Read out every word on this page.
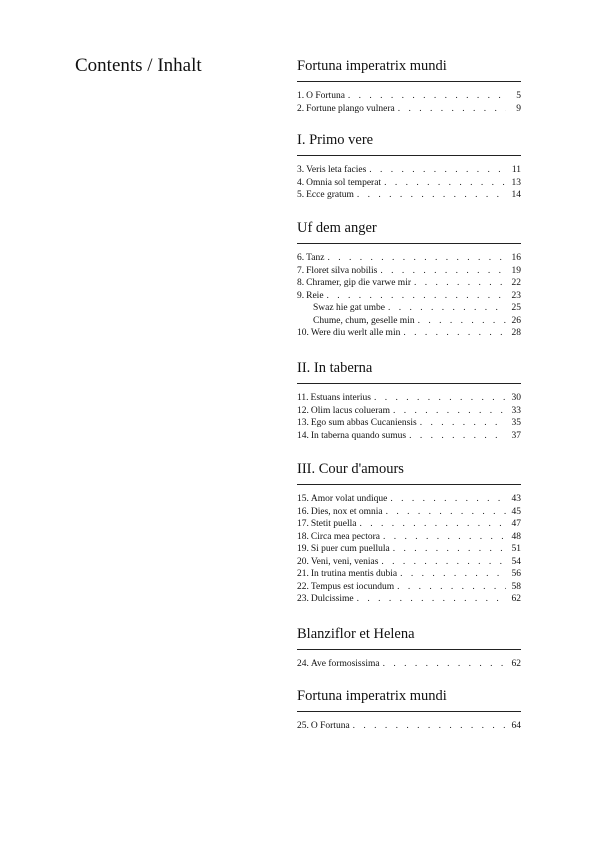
Contents / Inhalt	Fortuna imperatrix mundi
1. O Fortuna . . .	5
2. Fortune plango vulnera . . .	9
I. Primo vere
3. Veris leta facies . . .	11
4. Omnia sol temperat . . .	13
5. Ecce gratum . . .	14
Uf dem anger
6. Tanz . . .	16
7. Floret silva nobilis . . .	19
8. Chramer, gip die varwe mir . . .	22
9. Reie . . .	23
Swaz hie gat umbe . . .	25
Chume, chum, geselle min . . .	26
10. Were diu werlt alle min . . .	28
II. In taberna
11. Estuans interius . . .	30
12. Olim lacus colueram . . .	33
13. Ego sum abbas Cucaniensis . . .	35
14. In taberna quando sumus . . .	37
III. Cour d'amours
15. Amor volat undique . . .	43
16. Dies, nox et omnia . . .	45
17. Stetit puella . . .	47
18. Circa mea pectora . . .	48
19. Si puer cum puellula . . .	51
20. Veni, veni, venias . . .	54
21. In trutina mentis dubia . . .	56
22. Tempus est iocundum . . .	58
23. Dulcissime . . .	62
Blanziflor et Helena
24. Ave formosissima . . .	62
Fortuna imperatrix mundi
25. O Fortuna . . .	64
